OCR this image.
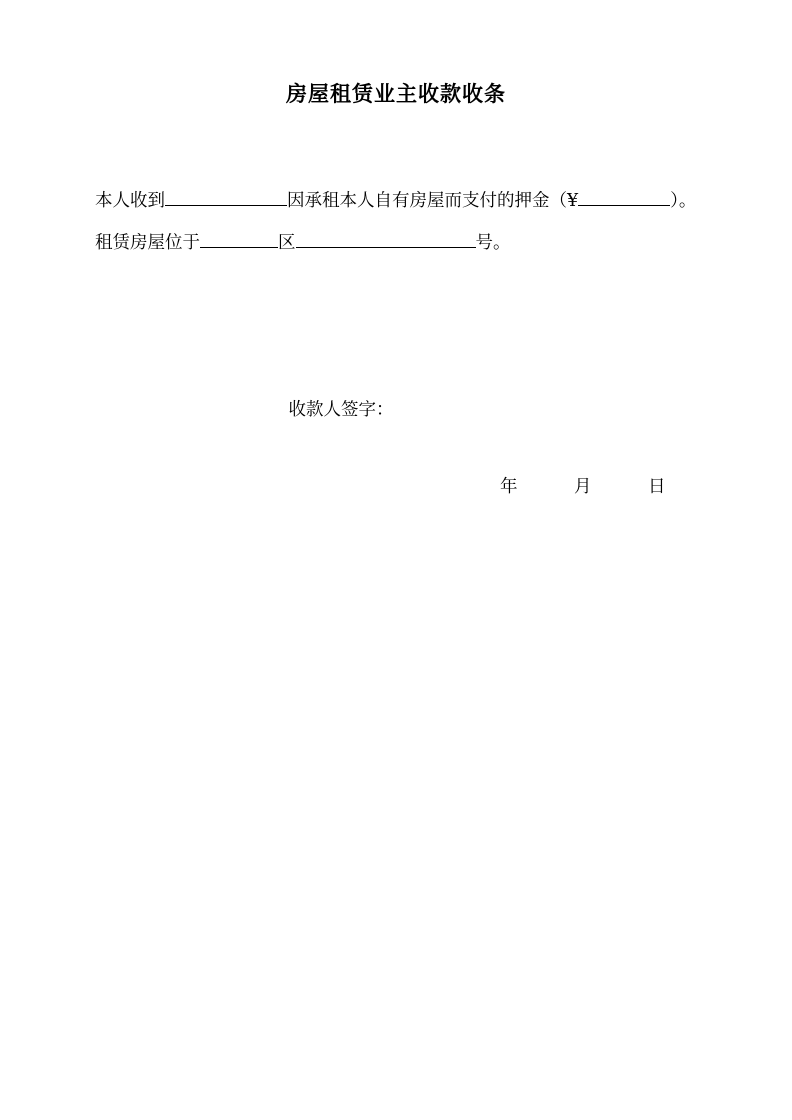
房屋租赁业主收款收条

本人收到	因承租本人自有房屋而支付的押金（¥	）。

租赁房屋位于	区	号。

收款人签字：
年	月	日
